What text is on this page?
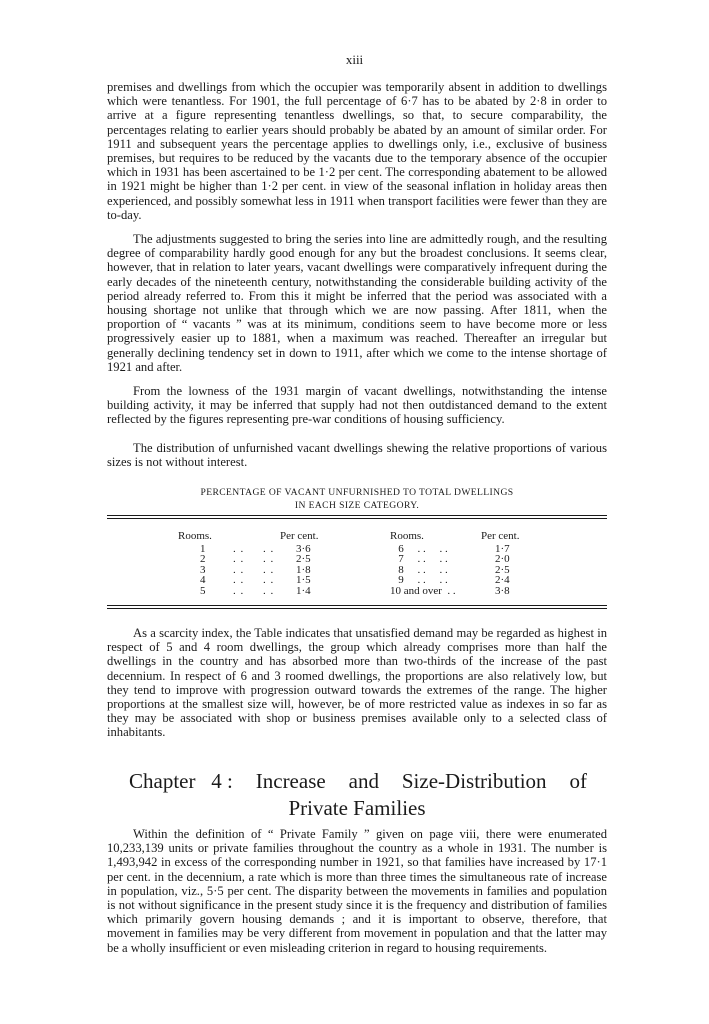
xiii

premises and dwellings from which the occupier was temporarily absent in addition to dwellings which were tenantless. For 1901, the full percentage of 6·7 has to be abated by 2·8 in order to arrive at a figure representing tenantless dwellings, so that, to secure comparability, the percentages relating to earlier years should probably be abated by an amount of similar order. For 1911 and subsequent years the percentage applies to dwellings only, i.e., exclusive of business premises, but requires to be reduced by the vacants due to the temporary absence of the occupier which in 1931 has been ascertained to be 1·2 per cent. The corresponding abatement to be allowed in 1921 might be higher than 1·2 per cent. in view of the seasonal inflation in holiday areas then experienced, and possibly somewhat less in 1911 when transport facilities were fewer than they are to-day.

The adjustments suggested to bring the series into line are admittedly rough, and the resulting degree of comparability hardly good enough for any but the broadest conclusions. It seems clear, however, that in relation to later years, vacant dwellings were comparatively infrequent during the early decades of the nineteenth century, notwithstanding the considerable building activity of the period already referred to. From this it might be inferred that the period was associated with a housing shortage not unlike that through which we are now passing. After 1811, when the proportion of “ vacants ” was at its minimum, conditions seem to have become more or less progressively easier up to 1881, when a maximum was reached. Thereafter an irregular but generally declining tendency set in down to 1911, after which we come to the intense shortage of 1921 and after.

From the lowness of the 1931 margin of vacant dwellings, notwithstanding the intense building activity, it may be inferred that supply had not then outdistanced demand to the extent reflected by the figures representing pre-war conditions of housing sufficiency.

The distribution of unfurnished vacant dwellings shewing the relative proportions of various sizes is not without interest.

PERCENTAGE OF VACANT UNFURNISHED TO TOTAL DWELLINGS
IN EACH SIZE CATEGORY.
Rooms.
1
2
3
4
5
. .     . .
. .     . .
. .     . .
. .     . .
. .     . .
Per cent.
3·6
2·5
1·8
1·5
1·4
Rooms.
6     . .     . .
7     . .     . .
8     . .     . .
9     . .     . .
10 and over  . .
Per cent.
1·7
2·0
2·5
2·4
3·8

As a scarcity index, the Table indicates that unsatisfied demand may be regarded as highest in respect of 5 and 4 room dwellings, the group which already comprises more than half the dwellings in the country and has absorbed more than two-thirds of the increase of the past decennium. In respect of 6 and 3 roomed dwellings, the proportions are also relatively low, but they tend to improve with progression outward towards the extremes of the range. The higher proportions at the smallest size will, however, be of more restricted value as indexes in so far as they may be associated with shop or business premises available only to a selected class of inhabitants.

Chapter 4 : Increase and Size-Distribution of
Private Families

Within the definition of “ Private Family ” given on page viii, there were enumerated 10,233,139 units or private families throughout the country as a whole in 1931. The number is 1,493,942 in excess of the corresponding number in 1921, so that families have increased by 17·1 per cent. in the decennium, a rate which is more than three times the simultaneous rate of increase in population, viz., 5·5 per cent. The disparity between the movements in families and population is not without significance in the present study since it is the frequency and distribution of families which primarily govern housing demands ; and it is important to observe, therefore, that movement in families may be very different from movement in population and that the latter may be a wholly insufficient or even misleading criterion in regard to housing requirements.
